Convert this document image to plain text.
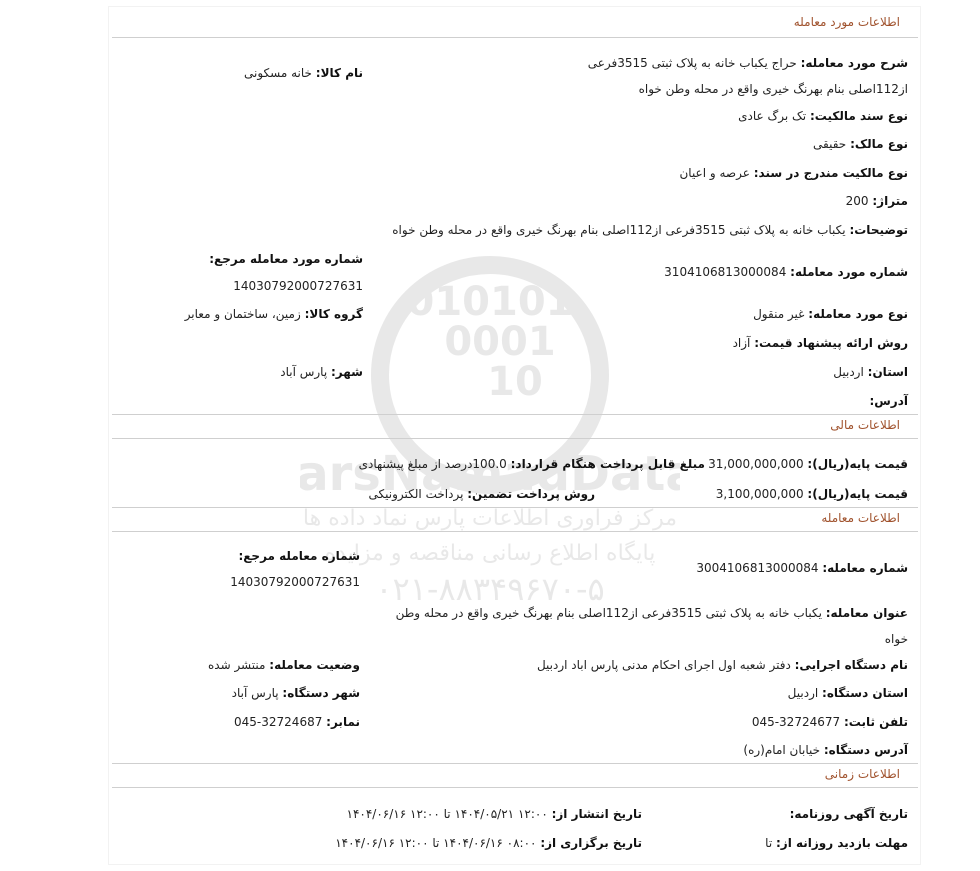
010101
0001
10
arsNamadData
مرکز فراوری اطلاعات پارس نماد داده ها
پایگاه اطلاع رسانی مناقصه و مزایده
۰۲۱-۸۸۳۴۹۶۷۰-۵
اطلاعات مورد معامله
شرح مورد معامله: حراج یکباب خانه به پلاک ثبتی 3515فرعی از112اصلی بنام بهرنگ خیری واقع در محله وطن خواه
نام کالا: خانه مسکونی
نوع سند مالکیت: تک برگ عادی
نوع مالک: حقیقی
نوع مالکیت مندرج در سند: عرصه و اعیان
متراژ: 200
توضیحات: یکباب خانه به پلاک ثبتی 3515فرعی از112اصلی بنام بهرنگ خیری واقع در محله وطن خواه
شماره مورد معامله مرجع:
14030792000727631
شماره مورد معامله: 3104106813000084
گروه کالا: زمین، ساختمان و معابر	نوع مورد معامله: غیر منقول
روش ارائه پیشنهاد قیمت: آزاد
شهر: پارس آباد	استان: اردبیل
آدرس:
اطلاعات مالی
قیمت پایه(ریال): 31,000,000,000
مبلغ قابل پرداخت هنگام قرارداد: 100.0درصد از مبلغ پیشنهادی
قیمت پایه(ریال): 3,100,000,000
روش پرداخت تضمین: پرداخت الکترونیکی
اطلاعات معامله
شماره معامله مرجع:
14030792000727631
شماره معامله: 3004106813000084
عنوان معامله: یکباب خانه به پلاک ثبتی 3515فرعی از112اصلی بنام بهرنگ خیری واقع در محله وطن خواه
نام دستگاه اجرایی: دفتر شعبه اول اجرای احکام مدنی پارس اباد اردبیل
وضعیت معامله: منتشر شده
استان دستگاه: اردبیل
شهر دستگاه: پارس آباد
تلفن ثابت: 045-32724677
نمابر: 045-32724687
آدرس دستگاه: خیابان امام(ره)
اطلاعات زمانی
تاریخ آگهی روزنامه:
تاریخ انتشار از: ۱۲:۰۰ ۱۴۰۴/۰۵/۲۱ تا ۱۲:۰۰ ۱۴۰۴/۰۶/۱۶
مهلت بازدید روزانه از: تا
تاریخ برگزاری از: ۰۸:۰۰ ۱۴۰۴/۰۶/۱۶ تا ۱۲:۰۰ ۱۴۰۴/۰۶/۱۶
